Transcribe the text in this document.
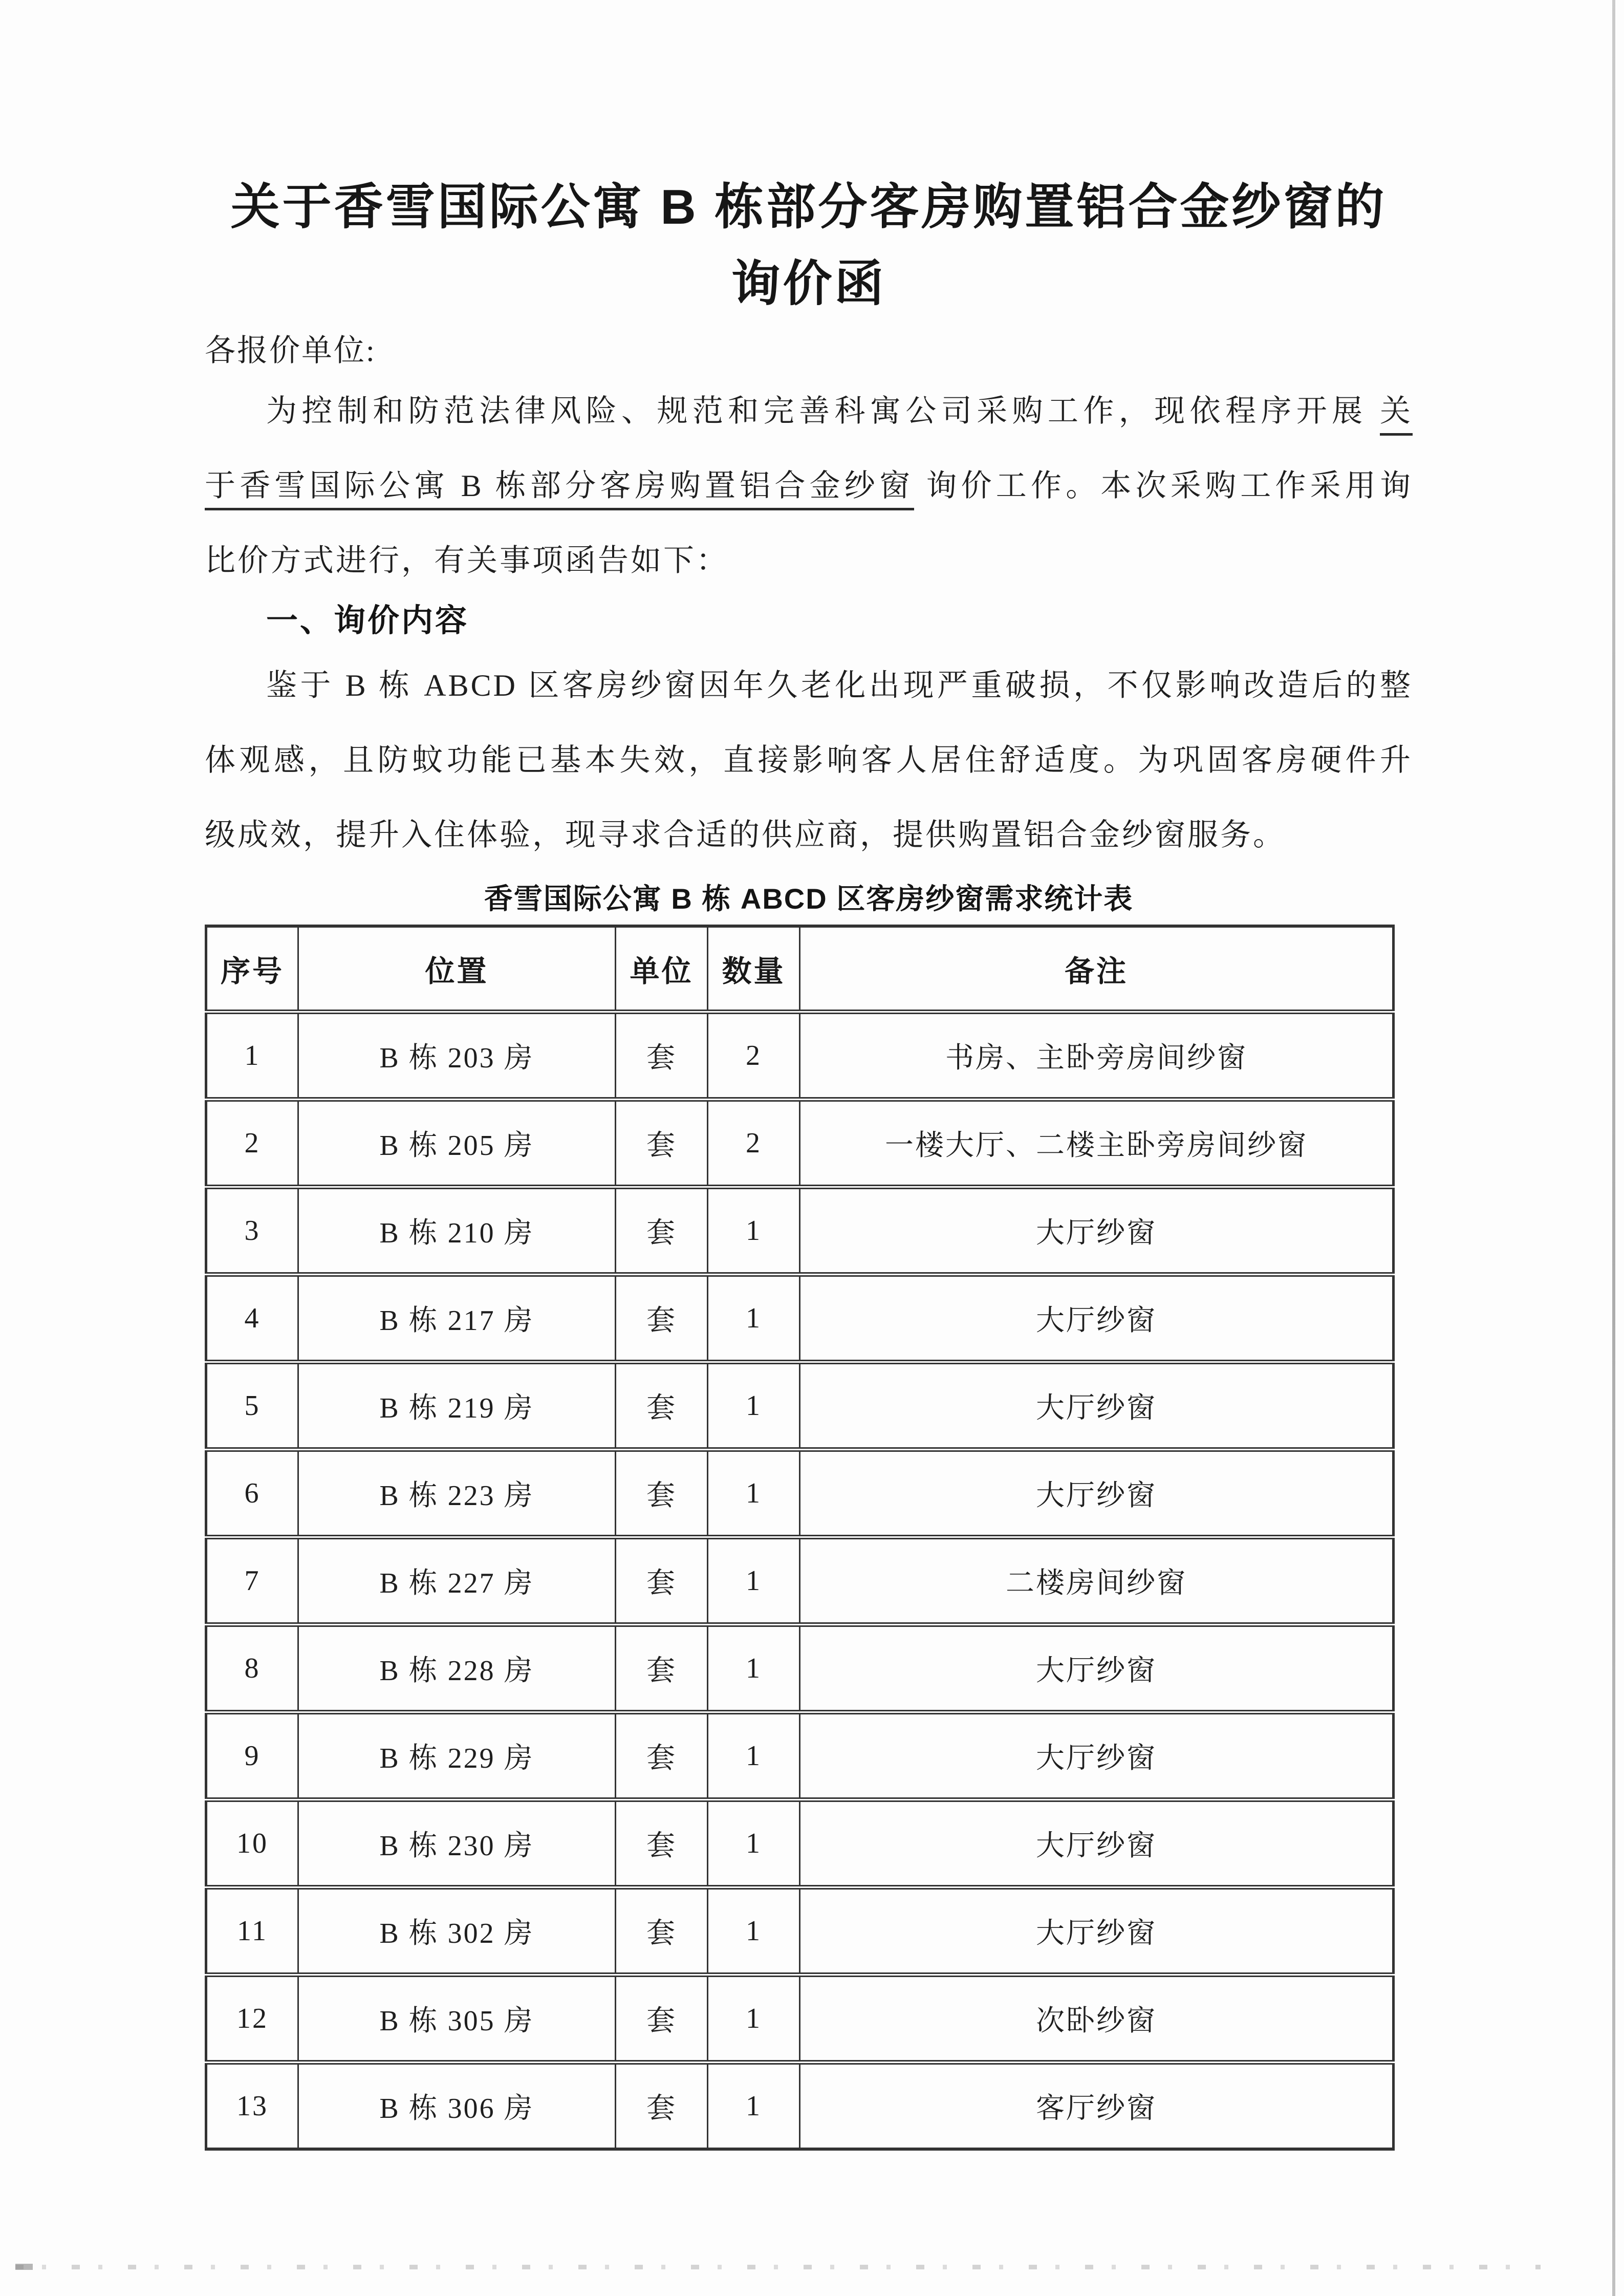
关于香雪国际公寓 B 栋部分客房购置铝合金纱窗的
询价函
各报价单位:
为控制和防范法律风险、规范和完善科寓公司采购工作，现依程序开展 关
于香雪国际公寓 B 栋部分客房购置铝合金纱窗 询价工作。本次采购工作采用询
比价方式进行，有关事项函告如下：
一、询价内容
鉴于 B 栋 ABCD 区客房纱窗因年久老化出现严重破损，不仅影响改造后的整
体观感，且防蚊功能已基本失效，直接影响客人居住舒适度。为巩固客房硬件升
级成效，提升入住体验，现寻求合适的供应商，提供购置铝合金纱窗服务。
香雪国际公寓 B 栋 ABCD 区客房纱窗需求统计表
序号	位置	单位	数量	备注
1	B 栋 203 房	套	2	书房、主卧旁房间纱窗
2	B 栋 205 房	套	2	一楼大厅、二楼主卧旁房间纱窗
3	B 栋 210 房	套	1	大厅纱窗
4	B 栋 217 房	套	1	大厅纱窗
5	B 栋 219 房	套	1	大厅纱窗
6	B 栋 223 房	套	1	大厅纱窗
7	B 栋 227 房	套	1	二楼房间纱窗
8	B 栋 228 房	套	1	大厅纱窗
9	B 栋 229 房	套	1	大厅纱窗
10	B 栋 230 房	套	1	大厅纱窗
11	B 栋 302 房	套	1	大厅纱窗
12	B 栋 305 房	套	1	次卧纱窗
13	B 栋 306 房	套	1	客厅纱窗
